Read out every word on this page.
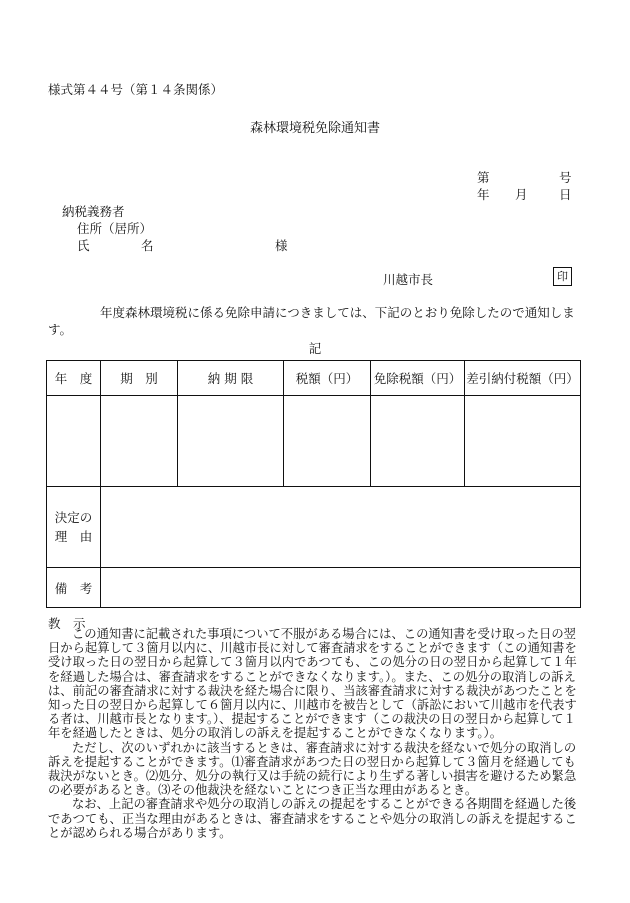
様式第４４号（第１４条関係）
森林環境税免除通知書
第	号
年 月	日
納税義務者
住所（居所）
氏	名	様
川越市長	印
年度森林環境税に係る免除申請につきましては、下記のとおり免除したので通知します。
記
年　度	期　別	納 期 限	税額（円）	免除税額（円）	差引納付税額（円）

決定の
理　由					

備　考					
教　示

この通知書に記載された事項について不服がある場合には、この通知書を受け取った日の翌日から起算して３箇月以内に、川越市長に対して審査請求をすることができます（この通知書を受け取った日の翌日から起算して３箇月以内であつても、この処分の日の翌日から起算して１年を経過した場合は、審査請求をすることができなくなります。）。また、この処分の取消しの訴えは、前記の審査請求に対する裁決を経た場合に限り、当該審査請求に対する裁決があつたことを知った日の翌日から起算して６箇月以内に、川越市を被告として（訴訟において川越市を代表する者は、川越市長となります。）、提起することができます（この裁決の日の翌日から起算して１年を経過したときは、処分の取消しの訴えを提起することができなくなります。）。

ただし、次のいずれかに該当するときは、審査請求に対する裁決を経ないで処分の取消しの訴えを提起することができます。⑴審査請求があつた日の翌日から起算して３箇月を経過しても裁決がないとき。⑵処分、処分の執行又は手続の続行により生ずる著しい損害を避けるため緊急の必要があるとき。⑶その他裁決を経ないことにつき正当な理由があるとき。

なお、上記の審査請求や処分の取消しの訴えの提起をすることができる各期間を経過した後であつても、正当な理由があるときは、審査請求をすることや処分の取消しの訴えを提起することが認められる場合があります。
